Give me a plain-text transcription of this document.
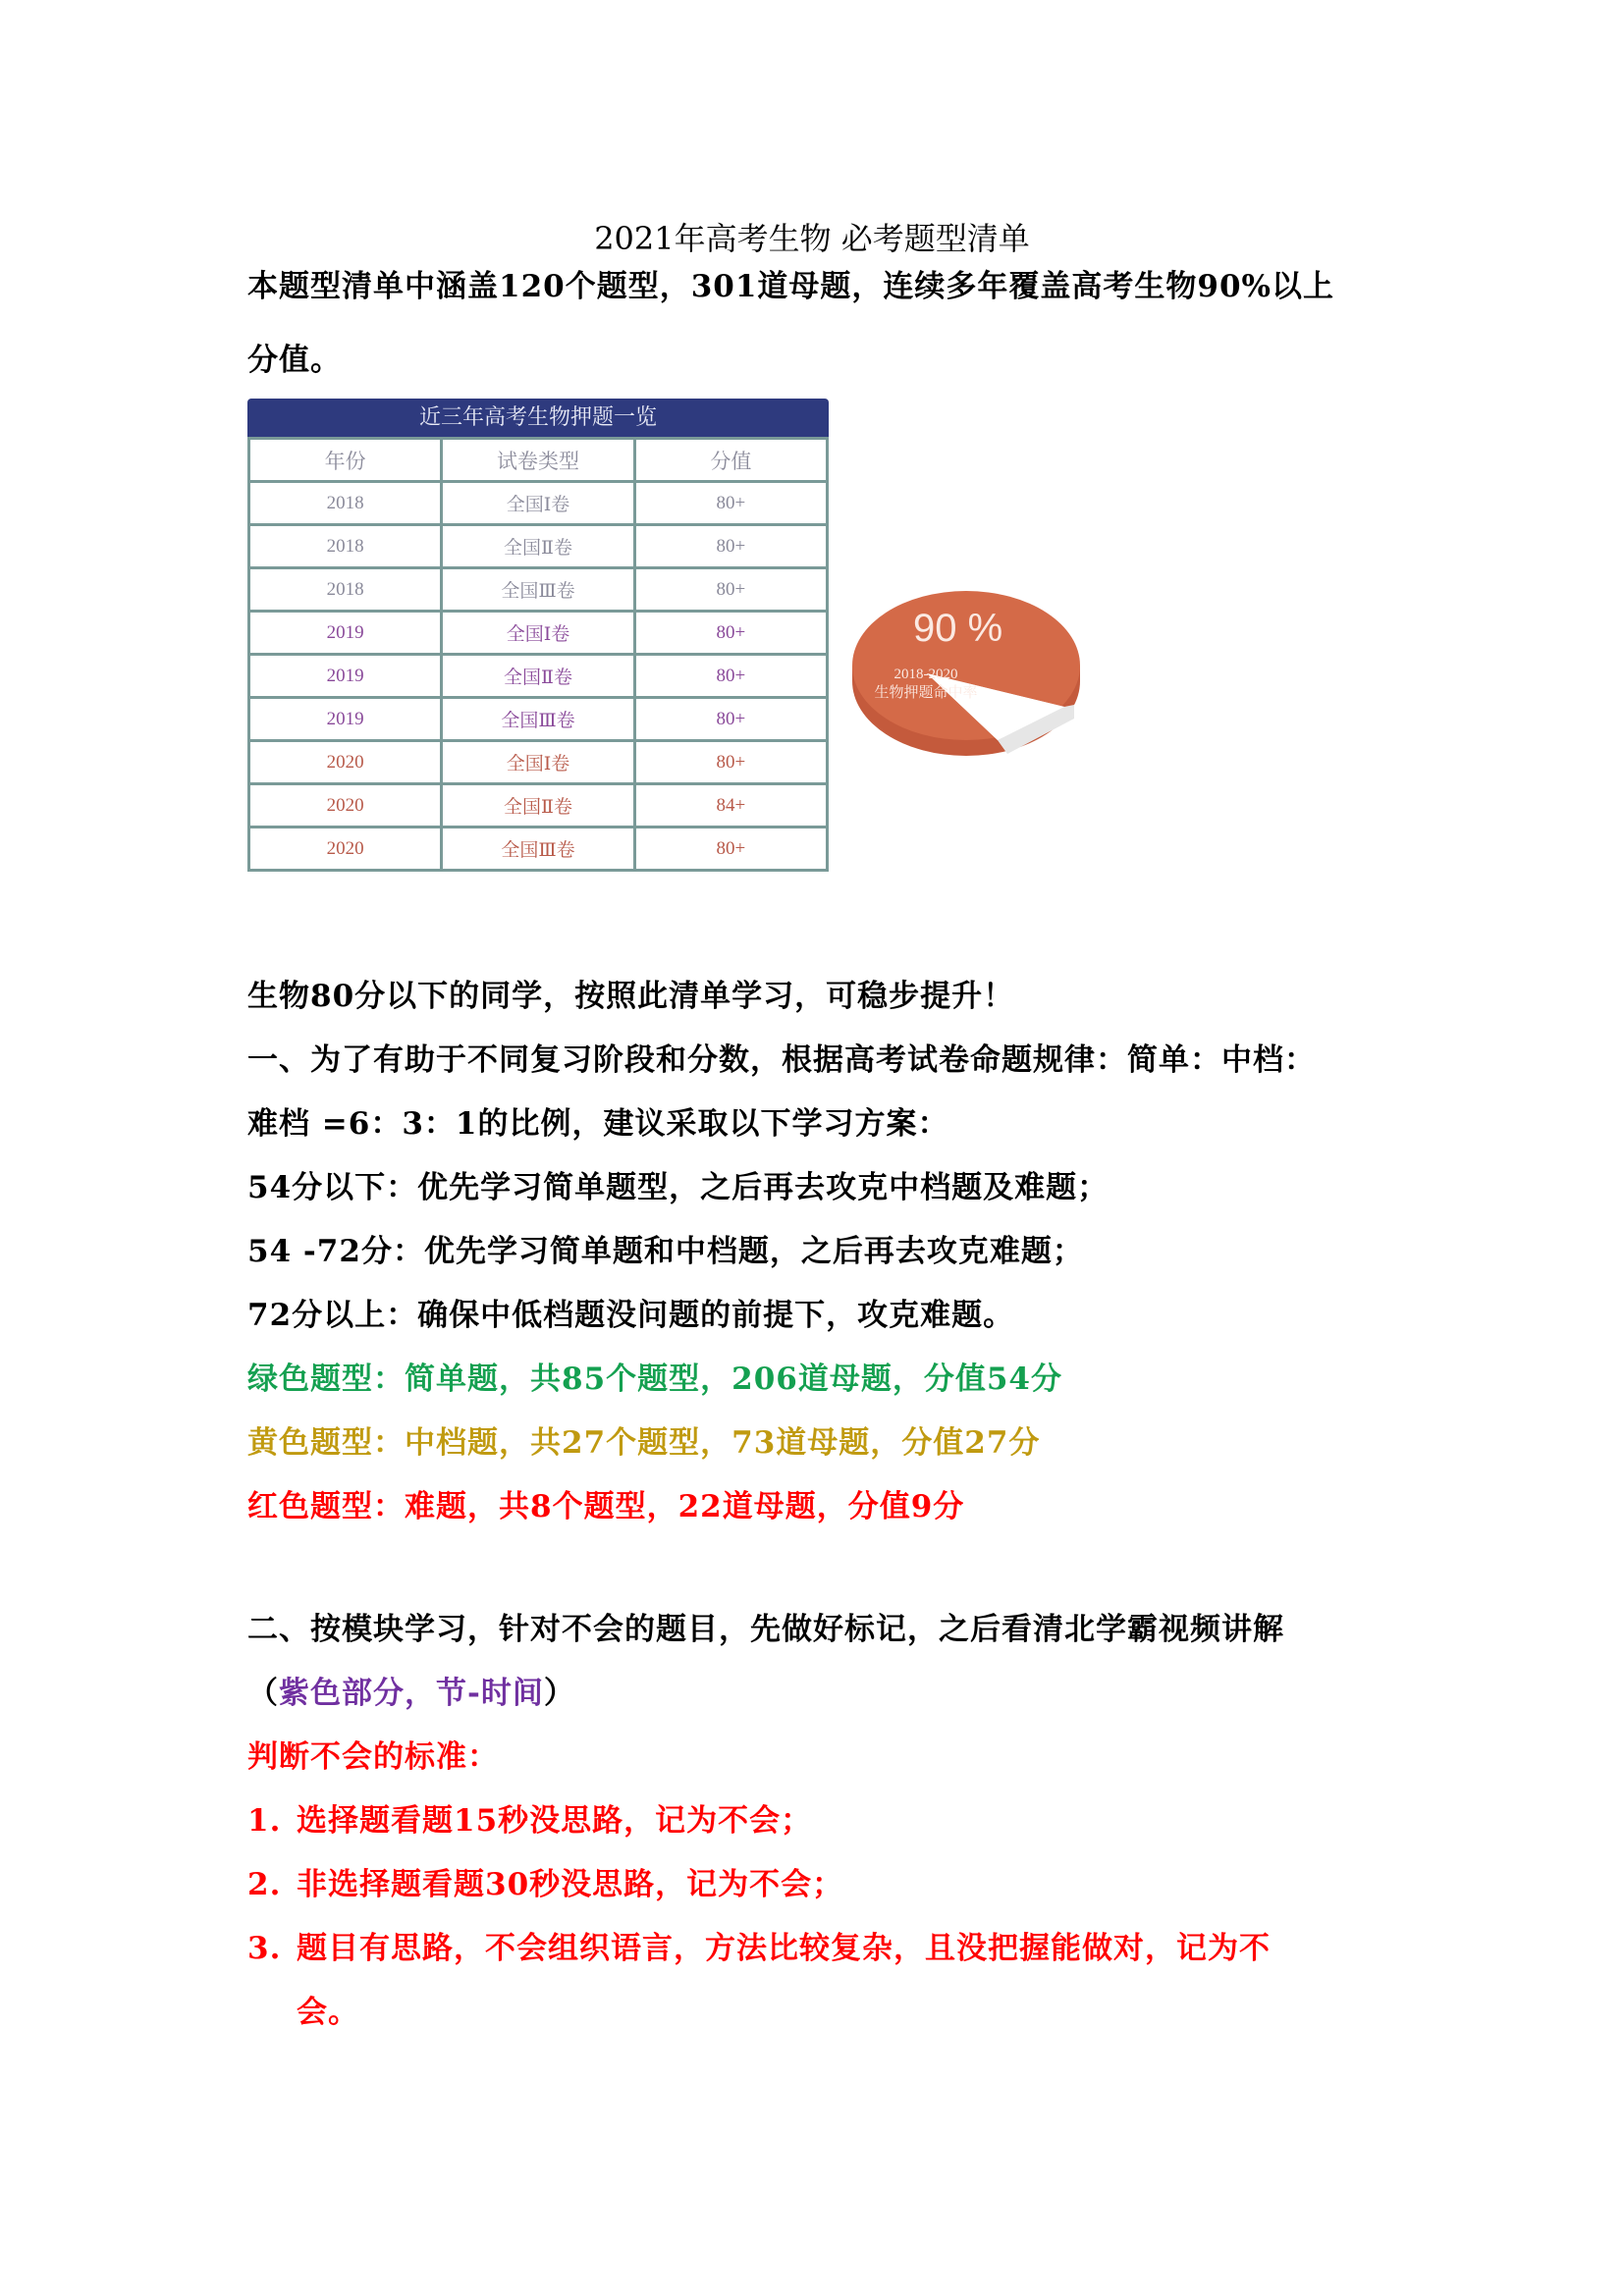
2021年高考生物 必考题型清单
本题型清单中涵盖120个题型，301道母题，连续多年覆盖高考生物90%以上
分值。
近三年高考生物押题一览
年份	试卷类型	分值
2018	全国Ⅰ卷	80+
2018	全国Ⅱ卷	80+
2018	全国Ⅲ卷	80+
2019	全国Ⅰ卷	80+
2019	全国Ⅱ卷	80+
2019	全国Ⅲ卷	80+
2020	全国Ⅰ卷	80+
2020	全国Ⅱ卷	84+
2020	全国Ⅲ卷	80+
90 %
2018-2020
生物押题命中率
生物80分以下的同学，按照此清单学习，可稳步提升！
一、为了有助于不同复习阶段和分数，根据高考试卷命题规律：简单：中档：
难档 =6：3：1的比例，建议采取以下学习方案：
54分以下：优先学习简单题型，之后再去攻克中档题及难题；
54 -72分：优先学习简单题和中档题，之后再去攻克难题；
72分以上：确保中低档题没问题的前提下，攻克难题。
绿色题型：简单题，共85个题型，206道母题，分值54分
黄色题型：中档题，共27个题型，73道母题，分值27分
红色题型：难题，共8个题型，22道母题，分值9分
二、按模块学习，针对不会的题目，先做好标记，之后看清北学霸视频讲解
（紫色部分，节-时间）
判断不会的标准：
1. 选择题看题15秒没思路，记为不会；
2. 非选择题看题30秒没思路，记为不会；
3. 题目有思路，不会组织语言，方法比较复杂，且没把握能做对，记为不
会。
